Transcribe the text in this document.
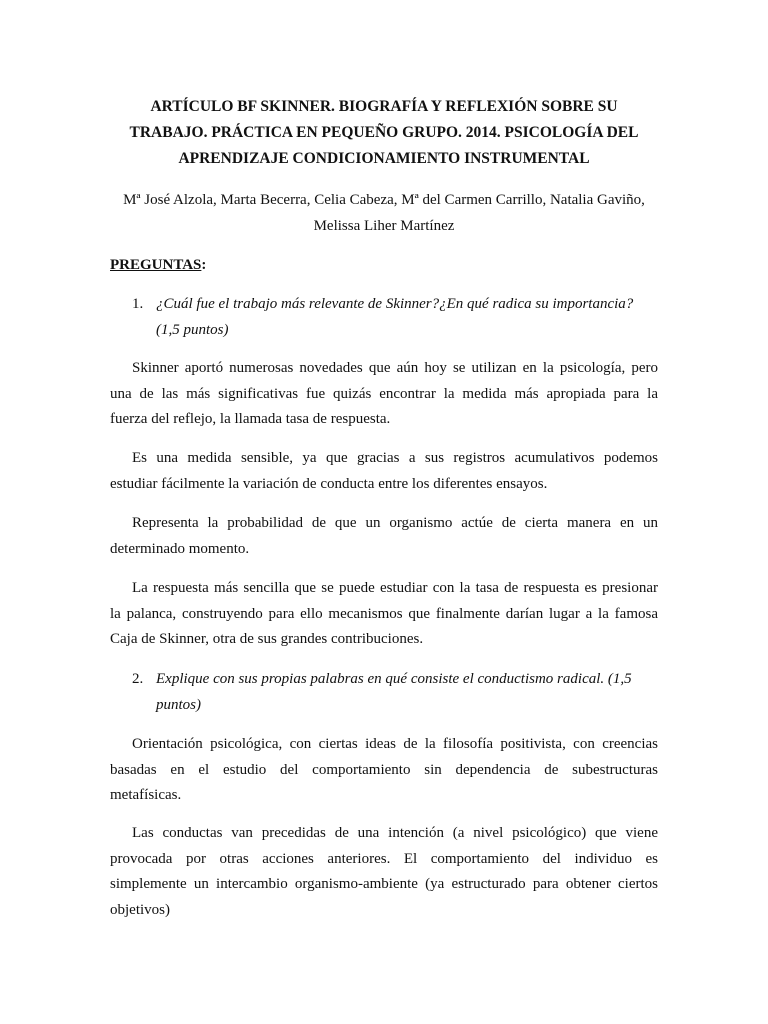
ARTÍCULO BF SKINNER. BIOGRAFÍA Y REFLEXIÓN SOBRE SU
TRABAJO. PRÁCTICA EN PEQUEÑO GRUPO. 2014. PSICOLOGÍA DEL
APRENDIZAJE CONDICIONAMIENTO INSTRUMENTAL
Mª José Alzola, Marta Becerra, Celia Cabeza, Mª del Carmen Carrillo, Natalia Gaviño,
Melissa Liher Martínez
PREGUNTAS:
1. ¿Cuál fue el trabajo más relevante de Skinner?¿En qué radica su importancia?
(1,5 puntos)
Skinner aportó numerosas novedades que aún hoy se utilizan en la psicología, pero
una de las más significativas fue quizás encontrar la medida más apropiada para la
fuerza del reflejo, la llamada tasa de respuesta.
Es una medida sensible, ya que gracias a sus registros acumulativos podemos
estudiar fácilmente la variación de conducta entre los diferentes ensayos.
Representa la probabilidad de que un organismo actúe de cierta manera en un
determinado momento.
La respuesta más sencilla que se puede estudiar con la tasa de respuesta es presionar
la palanca, construyendo para ello mecanismos que finalmente darían lugar a la famosa
Caja de Skinner, otra de sus grandes contribuciones.
2. Explique con sus propias palabras en qué consiste el conductismo radical. (1,5
puntos)
Orientación psicológica, con ciertas ideas de la filosofía positivista, con creencias
basadas en el estudio del comportamiento sin dependencia de subestructuras
metafísicas.
Las conductas van precedidas de una intención (a nivel psicológico) que viene
provocada por otras acciones anteriores. El comportamiento del individuo es
simplemente un intercambio organismo-ambiente (ya estructurado para obtener ciertos
objetivos)
